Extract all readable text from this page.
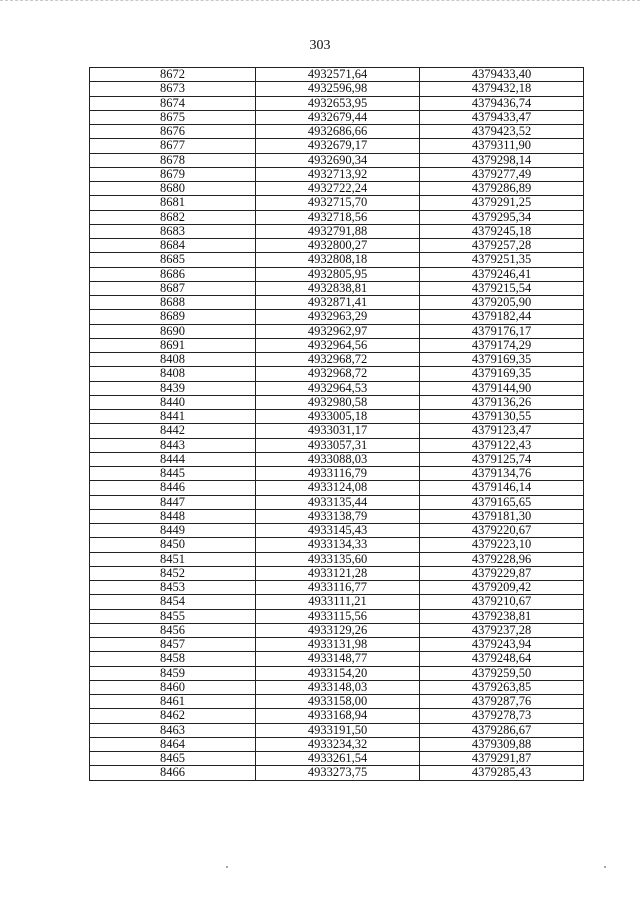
303
8672	4932571,64	4379433,40
8673	4932596,98	4379432,18
8674	4932653,95	4379436,74
8675	4932679,44	4379433,47
8676	4932686,66	4379423,52
8677	4932679,17	4379311,90
8678	4932690,34	4379298,14
8679	4932713,92	4379277,49
8680	4932722,24	4379286,89
8681	4932715,70	4379291,25
8682	4932718,56	4379295,34
8683	4932791,88	4379245,18
8684	4932800,27	4379257,28
8685	4932808,18	4379251,35
8686	4932805,95	4379246,41
8687	4932838,81	4379215,54
8688	4932871,41	4379205,90
8689	4932963,29	4379182,44
8690	4932962,97	4379176,17
8691	4932964,56	4379174,29
8408	4932968,72	4379169,35
8408	4932968,72	4379169,35
8439	4932964,53	4379144,90
8440	4932980,58	4379136,26
8441	4933005,18	4379130,55
8442	4933031,17	4379123,47
8443	4933057,31	4379122,43
8444	4933088,03	4379125,74
8445	4933116,79	4379134,76
8446	4933124,08	4379146,14
8447	4933135,44	4379165,65
8448	4933138,79	4379181,30
8449	4933145,43	4379220,67
8450	4933134,33	4379223,10
8451	4933135,60	4379228,96
8452	4933121,28	4379229,87
8453	4933116,77	4379209,42
8454	4933111,21	4379210,67
8455	4933115,56	4379238,81
8456	4933129,26	4379237,28
8457	4933131,98	4379243,94
8458	4933148,77	4379248,64
8459	4933154,20	4379259,50
8460	4933148,03	4379263,85
8461	4933158,00	4379287,76
8462	4933168,94	4379278,73
8463	4933191,50	4379286,67
8464	4933234,32	4379309,88
8465	4933261,54	4379291,87
8466	4933273,75	4379285,43
